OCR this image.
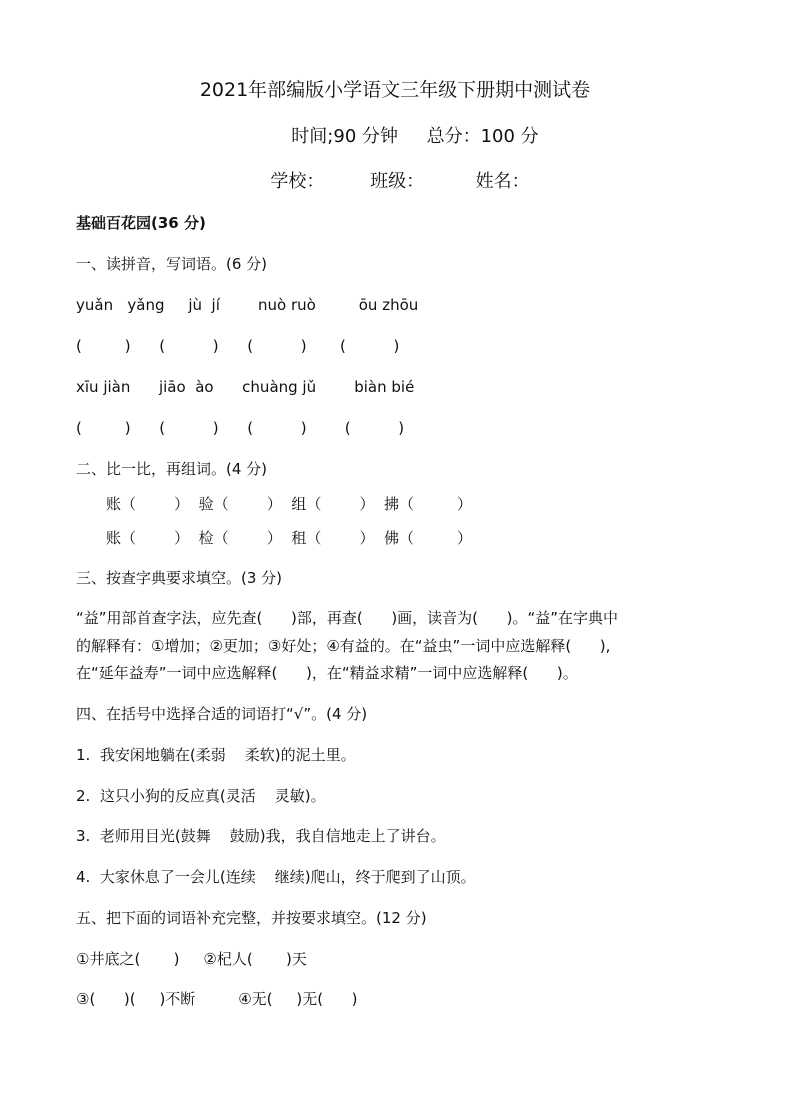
2021年部编版小学语文三年级下册期中测试卷
时间;90 分钟     总分：100 分
学校：        班级：         姓名：
基础百花园(36 分)
一、读拼音，写词语。(6 分)
yuǎn   yǎng     jù  jí        nuò ruò         ōu zhōu
(         )      (          )      (          )       (          )
xīu jiàn      jiāo  ào      chuàng jǔ        biàn bié
(         )      (          )      (          )        (          )
二、比一比，再组词。(4 分)
账（        ）  验（        ）  组（        ）  拂（         ）
账（        ）  检（        ）  租（        ）  佛（         ）
三、按查字典要求填空。(3 分)
“益”用部首查字法，应先查(      )部，再查(      )画，读音为(      )。“益”在字典中
的解释有：①增加；②更加；③好处；④有益的。在“益虫”一词中应选解释(      ),
在“延年益寿”一词中应选解释(      )，在“精益求精”一词中应选解释(      )。
四、在括号中选择合适的词语打“√”。(4 分)
1.  我安闲地躺在(柔弱    柔软)的泥土里。
2.  这只小狗的反应真(灵活    灵敏)。
3.  老师用目光(鼓舞    鼓励)我，我自信地走上了讲台。
4.  大家休息了一会儿(连续    继续)爬山，终于爬到了山顶。
五、把下面的词语补充完整，并按要求填空。(12 分)
①井底之(       )     ②杞人(       )天
③(      )(     )不断         ④无(     )无(      )
